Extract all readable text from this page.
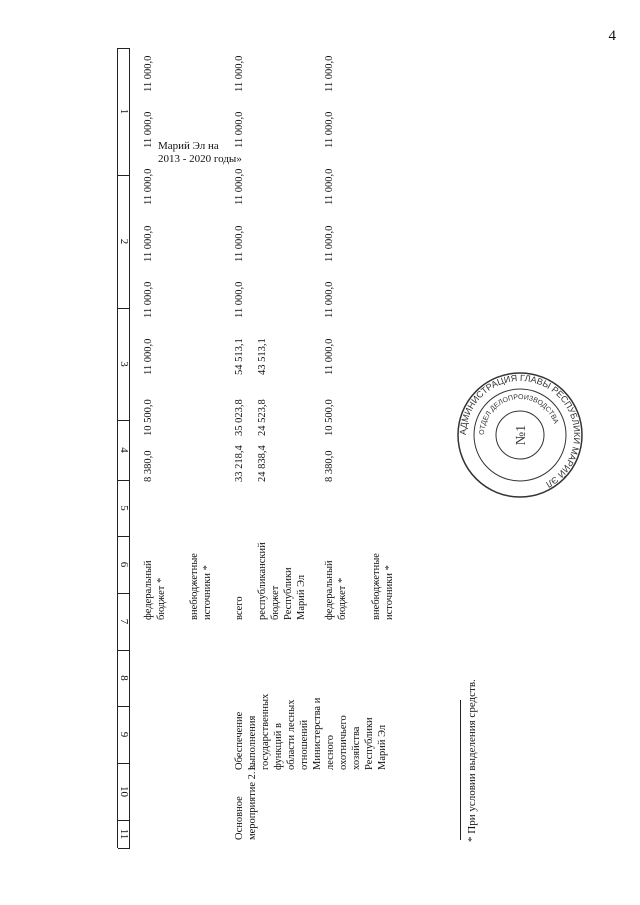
4
1
2
3
4
5
6
7
8
9
10
11
Марий Эл на
2013 - 2020 годы»
* При условии выделения средств.
АДМИНИСТРАЦИЯ ГЛАВЫ РЕСПУБЛИКИ МАРИЙ ЭЛ
ОТДЕЛ ДЕЛОПРОИЗВОДСТВА
№1
Основное
мероприятие 2.1.
Обеспечение
выполнения
государственных
функций в
области лесных
отношений
Министерства и
лесного
охотничьего
хозяйства
Республики
Марий Эл
федеральный
бюджет * внебюджетные
источники *
8 380,0
10 500,0
11 000,0
11 000,0
11 000,0
11 000,0
11 000,0
11 000,0
всего
33 218,4
35 023,8
54 513,1
11 000,0
11 000,0
11 000,0
11 000,0
11 000,0
республиканский
бюджет
Республики
Марий Эл
24 838,4
24 523,8
43 513,1
федеральный
бюджет *
8 380,0
10 500,0
11 000,0
11 000,0
11 000,0
11 000,0
11 000,0
11 000,0
внебюджетные
источники *
